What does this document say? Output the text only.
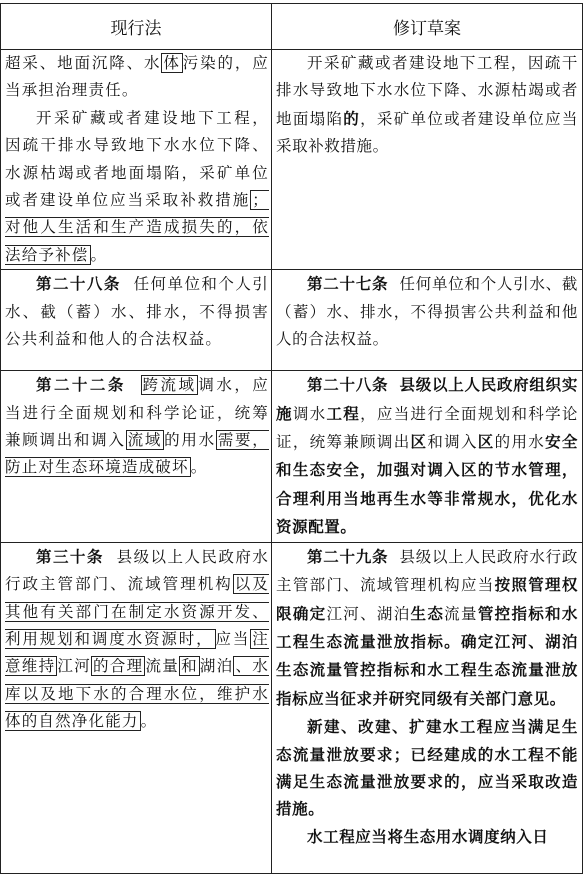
现行法	修订草案

超采、地面沉降、水 体 污染的，应当承担治理责任。

开采矿藏或者建设地下工程，因疏干排水导致地下水水位下降、水源枯竭或者地面塌陷，采矿单位或者建设单位应当采取补救措施 ；对他人生活和生产造成损失的，依法给予补偿 。	开采矿藏或者建设地下工程，因疏干排水导致地下水水位下降、水源枯竭或者地面塌陷的，采矿单位或者建设单位应当采取补救措施。

第二十八条 任何单位和个人引水、截（蓄）水、排水，不得损害公共利益和他人的合法权益。	第二十七条 任何单位和个人引水、截（蓄）水、排水，不得损害公共利益和他人的合法权益。

第二十二条 跨流域 调水，应当进行全面规划和科学论证，统筹兼顾调出和调入 流域 的用水 需要，防止对生态环境造成破坏 。	第二十八条 县级以上人民政府组织实施调水工程，应当进行全面规划和科学论证，统筹兼顾调出区和调入区的用水安全和生态安全，加强对调入区的节水管理，合理利用当地再生水等非常规水，优化水资源配置。

第三十条 县级以上人民政府水行政主管部门、流域管理机构 以及其他有关部门在制定水资源开发、利用规划和调度水资源时， 应当 注意维持 江河 的合理 流量 和 湖泊 、水库以及地下水的合理水位，维护水体的自然净化能力 。	第二十九条 县级以上人民政府水行政主管部门、流域管理机构应当按照管理权限确定江河、湖泊生态流量管控指标和水工程生态流量泄放指标。确定江河、湖泊生态流量管控指标和水工程生态流量泄放指标应当征求并研究同级有关部门意见。

新建、改建、扩建水工程应当满足生态流量泄放要求；已经建成的水工程不能满足生态流量泄放要求的，应当采取改造措施。

水工程应当将生态用水调度纳入日
